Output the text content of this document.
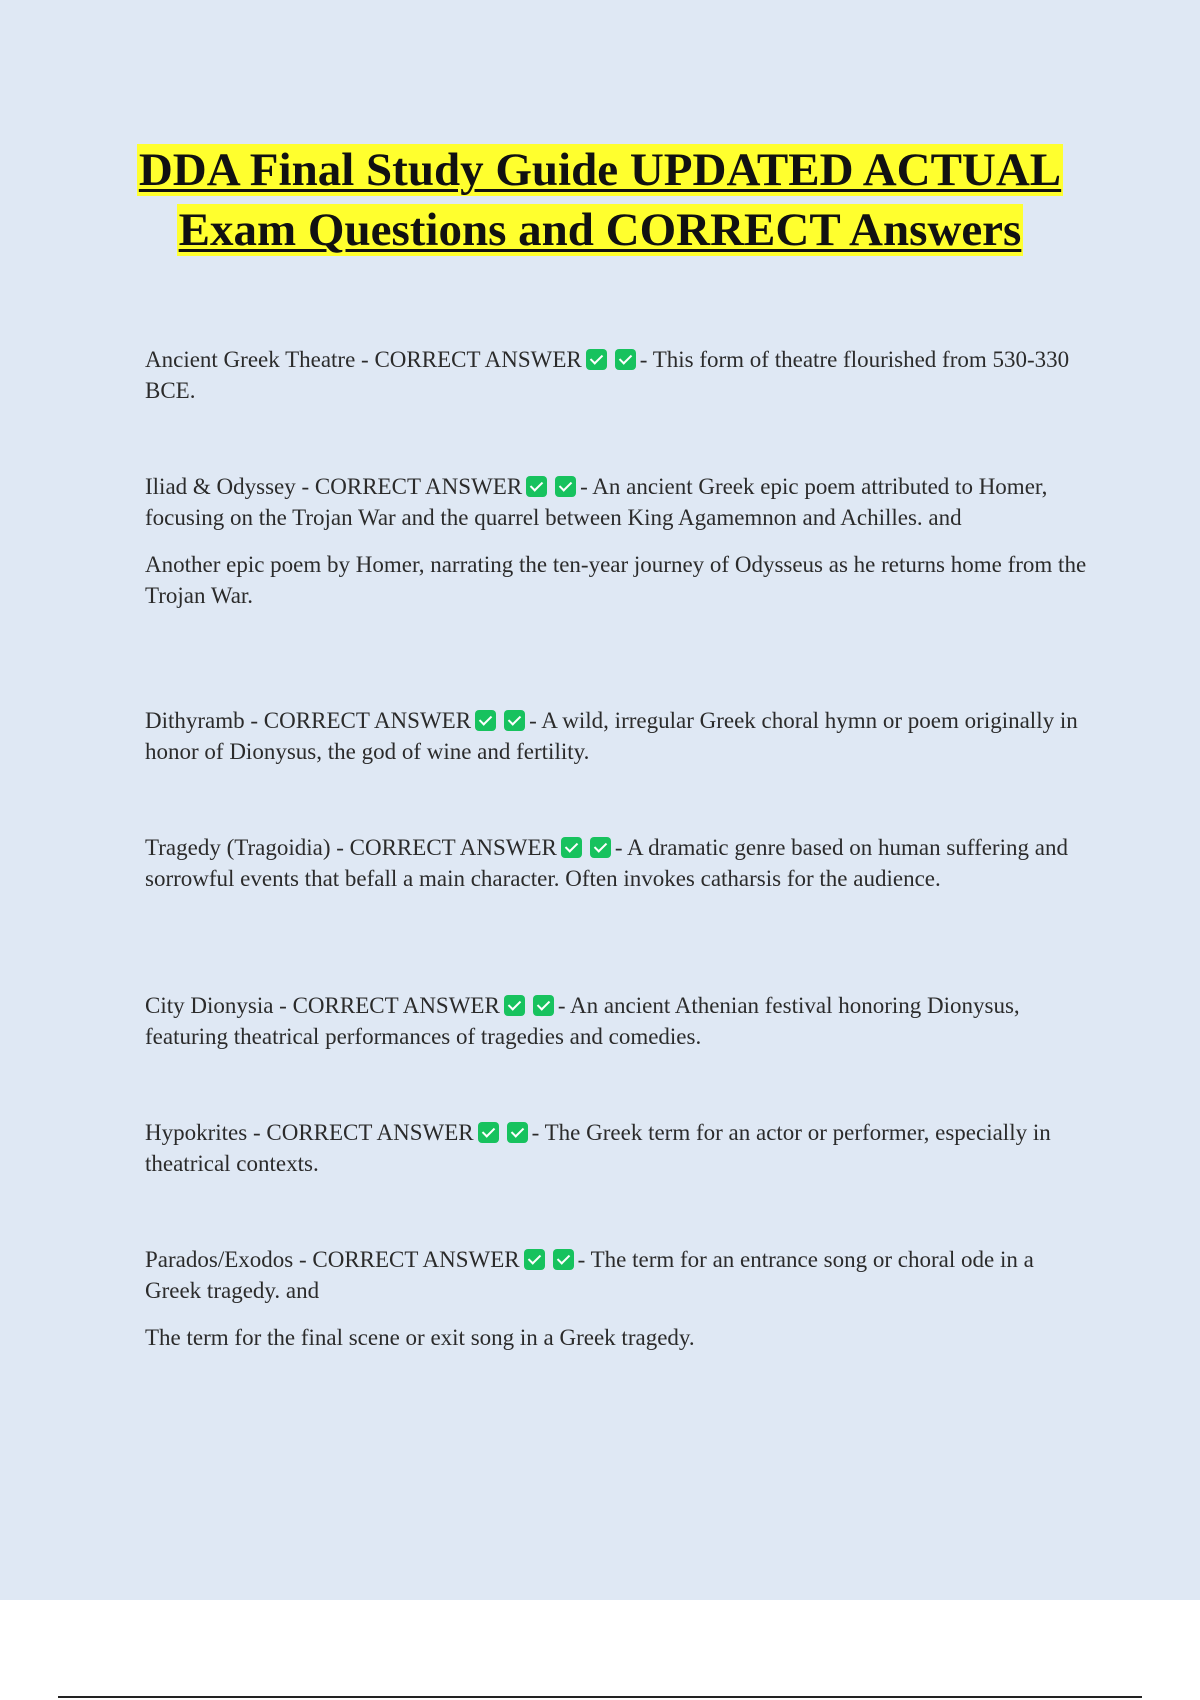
DDA Final Study Guide UPDATED ACTUAL Exam Questions and CORRECT Answers

Ancient Greek Theatre - CORRECT ANSWER	- This form of theatre flourished from 530-330 BCE.

Iliad & Odyssey - CORRECT ANSWER	- An ancient Greek epic poem attributed to Homer, focusing on the Trojan War and the quarrel between King Agamemnon and Achilles. and

Another epic poem by Homer, narrating the ten-year journey of Odysseus as he returns home from the Trojan War.

Dithyramb - CORRECT ANSWER	- A wild, irregular Greek choral hymn or poem originally in honor of Dionysus, the god of wine and fertility.

Tragedy (Tragoidia) - CORRECT ANSWER	- A dramatic genre based on human suffering and sorrowful events that befall a main character. Often invokes catharsis for the audience.

City Dionysia - CORRECT ANSWER	- An ancient Athenian festival honoring Dionysus, featuring theatrical performances of tragedies and comedies.

Hypokrites - CORRECT ANSWER	- The Greek term for an actor or performer, especially in theatrical contexts.

Parados/Exodos - CORRECT ANSWER	- The term for an entrance song or choral ode in a Greek tragedy. and

The term for the final scene or exit song in a Greek tragedy.
